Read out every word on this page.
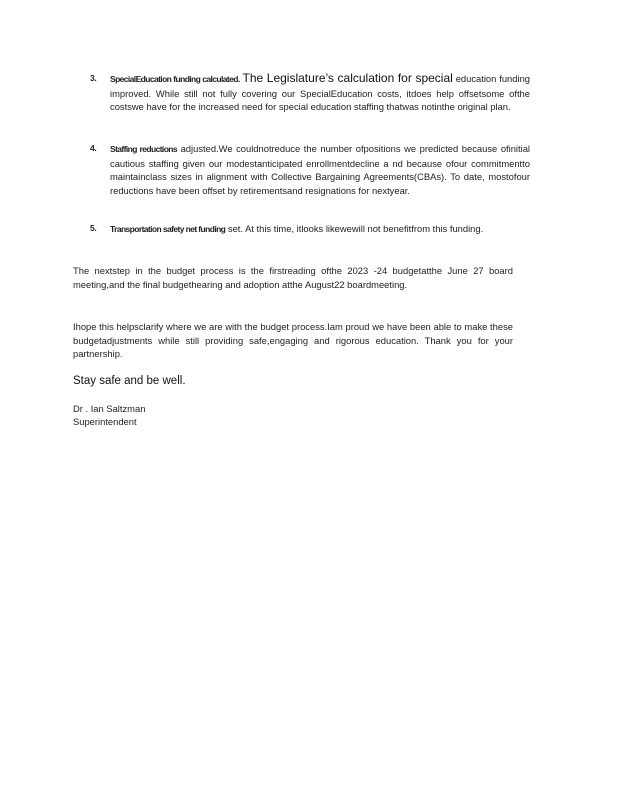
3. SpecialEducation funding calculated. The Legislature’s calculation for special education funding improved. While still not fully covering our SpecialEducation costs, itdoes help offsetsome ofthe costswe have for the increased need for special education staffing thatwas notinthe original plan.
4. Staffing reductions adjusted.We couldnotreduce the number ofpositions we predicted because ofinitial cautious staffing given our modestanticipated enrollmentdecline a nd because ofour commitmentto maintainclass sizes in alignment with Collective Bargaining Agreements(CBAs). To date, mostofour reductions have been offset by retirementsand resignations for nextyear.
5. Transportation safety net funding set. At this time, itlooks likewewill not benefitfrom this funding.
The nextstep in the budget process is the firstreading ofthe 2023 -24 budgetatthe June 27 board meeting,and the final budgethearing and adoption atthe August22 boardmeeting.
Ihope this helpsclarify where we are with the budget process.Iam proud we have been able to make these budgetadjustments while still providing safe,engaging and rigorous education. Thank you for your partnership.
Stay safe and be well.
Dr . Ian Saltzman
Superintendent
